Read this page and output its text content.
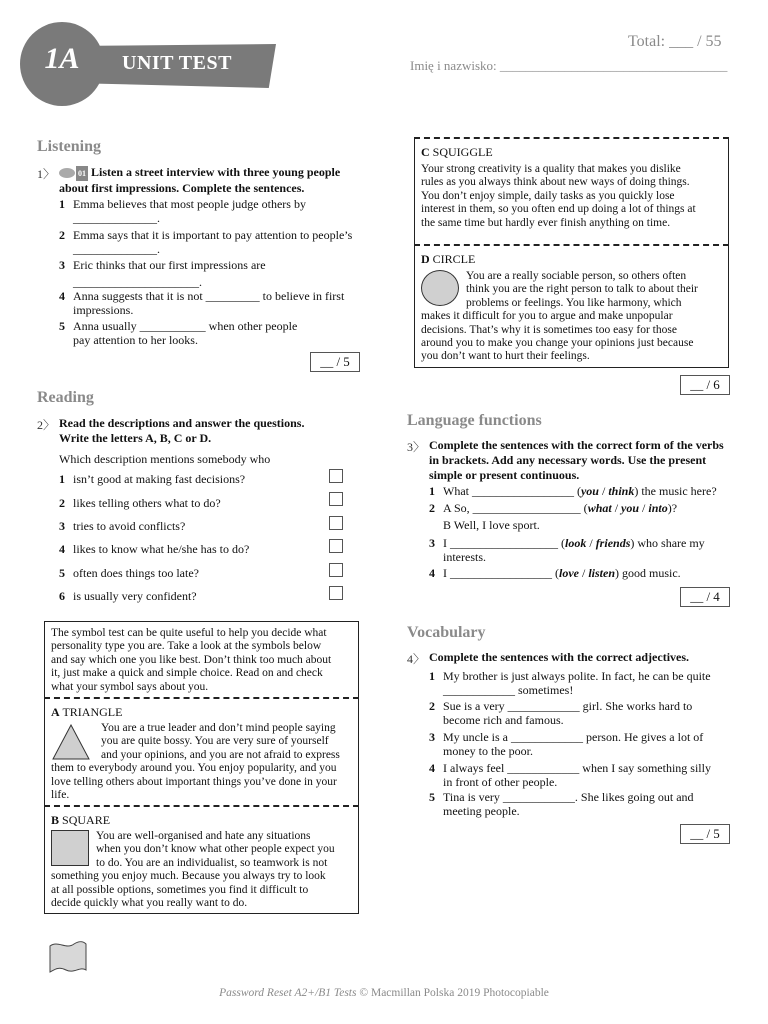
1A	UNIT TEST
Total: ___ / 55
Imię i nazwisko: ___________________________________
Listening
1〉	01 Listen a street interview with three young people
about first impressions. Complete the sentences.
1 Emma believes that most people judge others by
______________.
2 Emma says that it is important to pay attention to people’s
______________.
3 Eric thinks that our first impressions are
_____________________.
4 Anna suggests that it is not _________ to believe in first
impressions.
5 Anna usually ___________ when other people
pay attention to her looks.
__ / 5
Reading
2〉 Read the descriptions and answer the questions.
Write the letters A, B, C or D.
Which description mentions somebody who
1 isn’t good at making fast decisions?
2 likes telling others what to do?
3 tries to avoid conflicts?
4 likes to know what he/she has to do?
5 often does things too late?
6 is usually very confident?
The symbol test can be quite useful to help you decide what
personality type you are. Take a look at the symbols below
and say which one you like best. Don’t think too much about
it, just make a quick and simple choice. Read on and check
what your symbol says about you.
A TRIANGLE
You are a true leader and don’t mind people saying
you are quite bossy. You are very sure of yourself
and your opinions, and you are not afraid to express
them to everybody around you. You enjoy popularity, and you
love telling others about important things you’ve done in your
life.
B SQUARE
You are well-organised and hate any situations
when you don’t know what other people expect you
to do. You are an individualist, so teamwork is not
something you enjoy much. Because you always try to look
at all possible options, sometimes you find it difficult to
decide quickly what you really want to do.
C SQUIGGLE
Your strong creativity is a quality that makes you dislike
rules as you always think about new ways of doing things.
You don’t enjoy simple, daily tasks as you quickly lose
interest in them, so you often end up doing a lot of things at
the same time but hardly ever finish anything on time.
D CIRCLE
You are a really sociable person, so others often
think you are the right person to talk to about their
problems or feelings. You like harmony, which
makes it difficult for you to argue and make unpopular
decisions. That’s why it is sometimes too easy for those
around you to make you change your opinions just because
you don’t want to hurt their feelings.
__ / 6
Language functions
3〉 Complete the sentences with the correct form of the verbs
in brackets. Add any necessary words. Use the present
simple or present continuous.
1 What _________________ (you / think) the music here?
2 A So, __________________ (what / you / into)?
B Well, I love sport.
3 I __________________ (look / friends) who share my
interests.
4 I _________________ (love / listen) good music.
__ / 4
Vocabulary
4〉 Complete the sentences with the correct adjectives.
1 My brother is just always polite. In fact, he can be quite
____________ sometimes!
2 Sue is a very ____________ girl. She works hard to
become rich and famous.
3 My uncle is a ____________ person. He gives a lot of
money to the poor.
4 I always feel ____________ when I say something silly
in front of other people.
5 Tina is very ____________. She likes going out and
meeting people.
__ / 5
Password Reset A2+/B1 Tests © Macmillan Polska 2019 Photocopiable
